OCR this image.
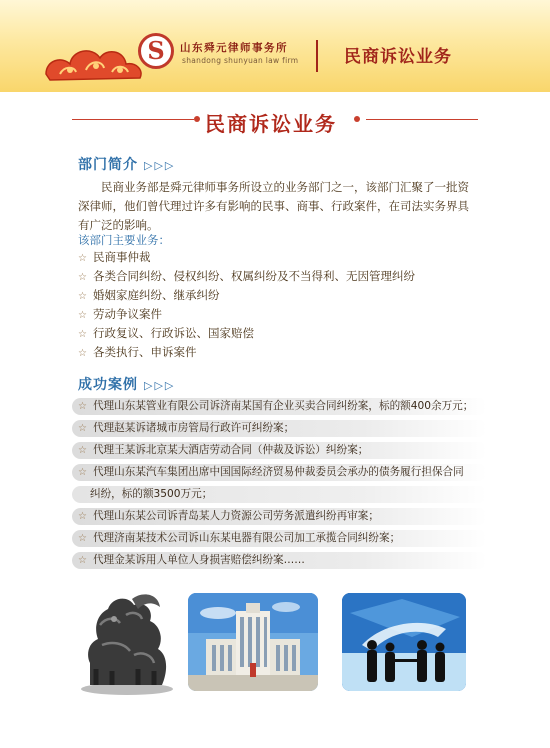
S	山东舜元律师事务所
shandong shunyuan law firm	民商诉讼业务
民商诉讼业务
部门简介 ▷▷▷
民商业务部是舜元律师事务所设立的业务部门之一，该部门汇聚了一批资深律师，他们曾代理过许多有影响的民事、商事、行政案件，在司法实务界具有广泛的影响。
该部门主要业务：
☆ 民商事仲裁
☆ 各类合同纠纷、侵权纠纷、权属纠纷及不当得利、无因管理纠纷
☆ 婚姻家庭纠纷、继承纠纷
☆ 劳动争议案件
☆ 行政复议、行政诉讼、国家赔偿
☆ 各类执行、申诉案件
成功案例 ▷▷▷
☆ 代理山东某管业有限公司诉济南某国有企业买卖合同纠纷案，标的额400余万元；
☆ 代理赵某诉诸城市房管局行政许可纠纷案；
☆ 代理王某诉北京某大酒店劳动合同（仲裁及诉讼）纠纷案；
☆ 代理山东某汽车集团出席中国国际经济贸易仲裁委员会承办的债务履行担保合同
纠纷，标的额3500万元；
☆ 代理山东某公司诉青岛某人力资源公司劳务派遣纠纷再审案；
☆ 代理济南某技术公司诉山东某电器有限公司加工承揽合同纠纷案；
☆ 代理金某诉用人单位人身损害赔偿纠纷案……
